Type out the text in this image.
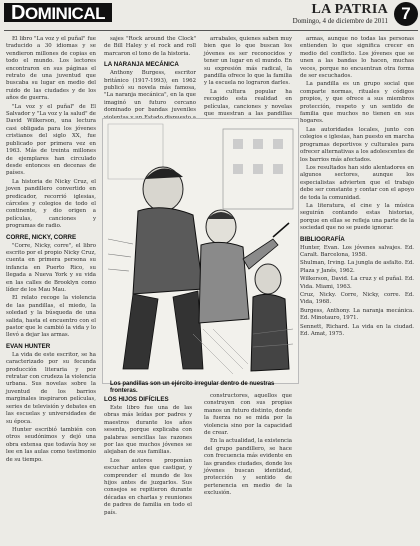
DOMINICAL	LA PATRIA
Domingo, 4 de diciembre de 2011 7

El libro "La voz y el puñal" fue traducido a 30 idiomas y se vendieron millones de copias en todo el mundo. Los lectores encontraron en sus páginas el retrato de una juventud que buscaba su lugar en medio del ruido de las ciudades y de los años de guerra.

"La voz y el puñal" de El Salvador y "La voz y la salud" de David Wilkerson, una lectura casi obligada para los jóvenes cristianos del siglo XX, fue publicado por primera vez en 1963. Más de treinta millones de ejemplares han circulado desde entonces en decenas de países.

La historia de Nicky Cruz, el joven pandillero convertido en predicador, recorrió iglesias, cárceles y colegios de todo el continente, y dio origen a películas, canciones y programas de radio.

CORRE, NICKY, CORRE

"Corre, Nicky, corre", el libro escrito por el propio Nicky Cruz, cuenta en primera persona su infancia en Puerto Rico, su llegada a Nueva York y su vida en las calles de Brooklyn como líder de los Mau Mau.

El relato recoge la violencia de las pandillas, el miedo, la soledad y la búsqueda de una salida, hasta el encuentro con el pastor que le cambió la vida y lo llevó a dejar las armas.

EVAN HUNTER

La vida de este escritor, se ha caracterizado por su fecunda producción literaria y por retratar con crudeza la violencia urbana. Sus novelas sobre la juventud de los barrios marginales inspiraron películas, series de televisión y debates en las escuelas y universidades de su época.

Hunter escribió también con otros seudónimos y dejó una obra extensa que todavía hoy se lee en las aulas como testimonio de su tiempo.

sajes "Rock around the Clock" de Bill Haley y el rock and roll marcaron el tono de la historia.

LA NARANJA MECÁNICA

Anthony Burgess, escritor británico (1917-1993), en 1962 publicó su novela más famosa, "La naranja mecánica", en la que imaginó un futuro cercano dominado por bandas juveniles

arrabales, quienes saben muy bien que lo que buscan los jóvenes es ser reconocidos y tener un lugar en el mundo. En su expresión más radical, la pandilla ofrece lo que la familia y la escuela no lograron darles.

La cultura popular ha recogido esta realidad en películas, canciones y novelas que muestran a las pandillas

Los pandillas son un ejército irregular dentro de nuestras fronteras.
LOS HIJOS DIFÍCILES

Este libro fue una de las obras más leídas por padres y maestros durante los años sesenta, porque explicaba con palabras sencillas las razones por las que muchos jóvenes se alejaban de sus familias.

Los autores proponían escuchar antes que castigar, y comprender el mundo de los hijos antes de juzgarlos. Sus consejos se repitieron durante décadas en charlas y reuniones de padres de familia en todo el país.

constructores, aquellos que construyen con sus propias manos un futuro distinto, donde la fuerza no se mida por la violencia sino por la capacidad de crear.

En la actualidad, la existencia del grupo pandillero, se hace con frecuencia más evidente en las grandes ciudades, donde los jóvenes buscan identidad, protección y sentido de pertenencia en medio de la exclusión.

armas, aunque no todas las personas entienden lo que significa crecer en medio del conflicto. Los jóvenes que se unen a las bandas lo hacen, muchas veces, porque no encuentran otra forma de ser escuchados.

La pandilla es un grupo social que comparte normas, rituales y códigos propios, y que ofrece a sus miembros protección, respeto y un sentido de familia que muchos no tienen en sus hogares.

Las autoridades locales, junto con colegios e iglesias, han puesto en marcha programas deportivos y culturales para ofrecer alternativas a los adolescentes de los barrios más afectados.

Los resultados han sido alentadores en algunos sectores, aunque los especialistas advierten que el trabajo debe ser constante y contar con el apoyo de toda la comunidad.

La literatura, el cine y la música seguirán contando estas historias, porque en ellas se refleja una parte de la sociedad que no se puede ignorar.

BIBLIOGRAFÍA

Hunter, Evan. Los jóvenes salvajes. Ed. Caralt. Barcelona, 1958.

Shulman, Irving. La jungla de asfalto. Ed. Plaza y Janés, 1962.

Wilkerson, David. La cruz y el puñal. Ed. Vida. Miami, 1963.

Cruz, Nicky. Corre, Nicky, corre. Ed. Vida, 1968.

Burgess, Anthony. La naranja mecánica. Ed. Minotauro, 1971.

Sennett, Richard. La vida en la ciudad. Ed. Amat, 1975.
